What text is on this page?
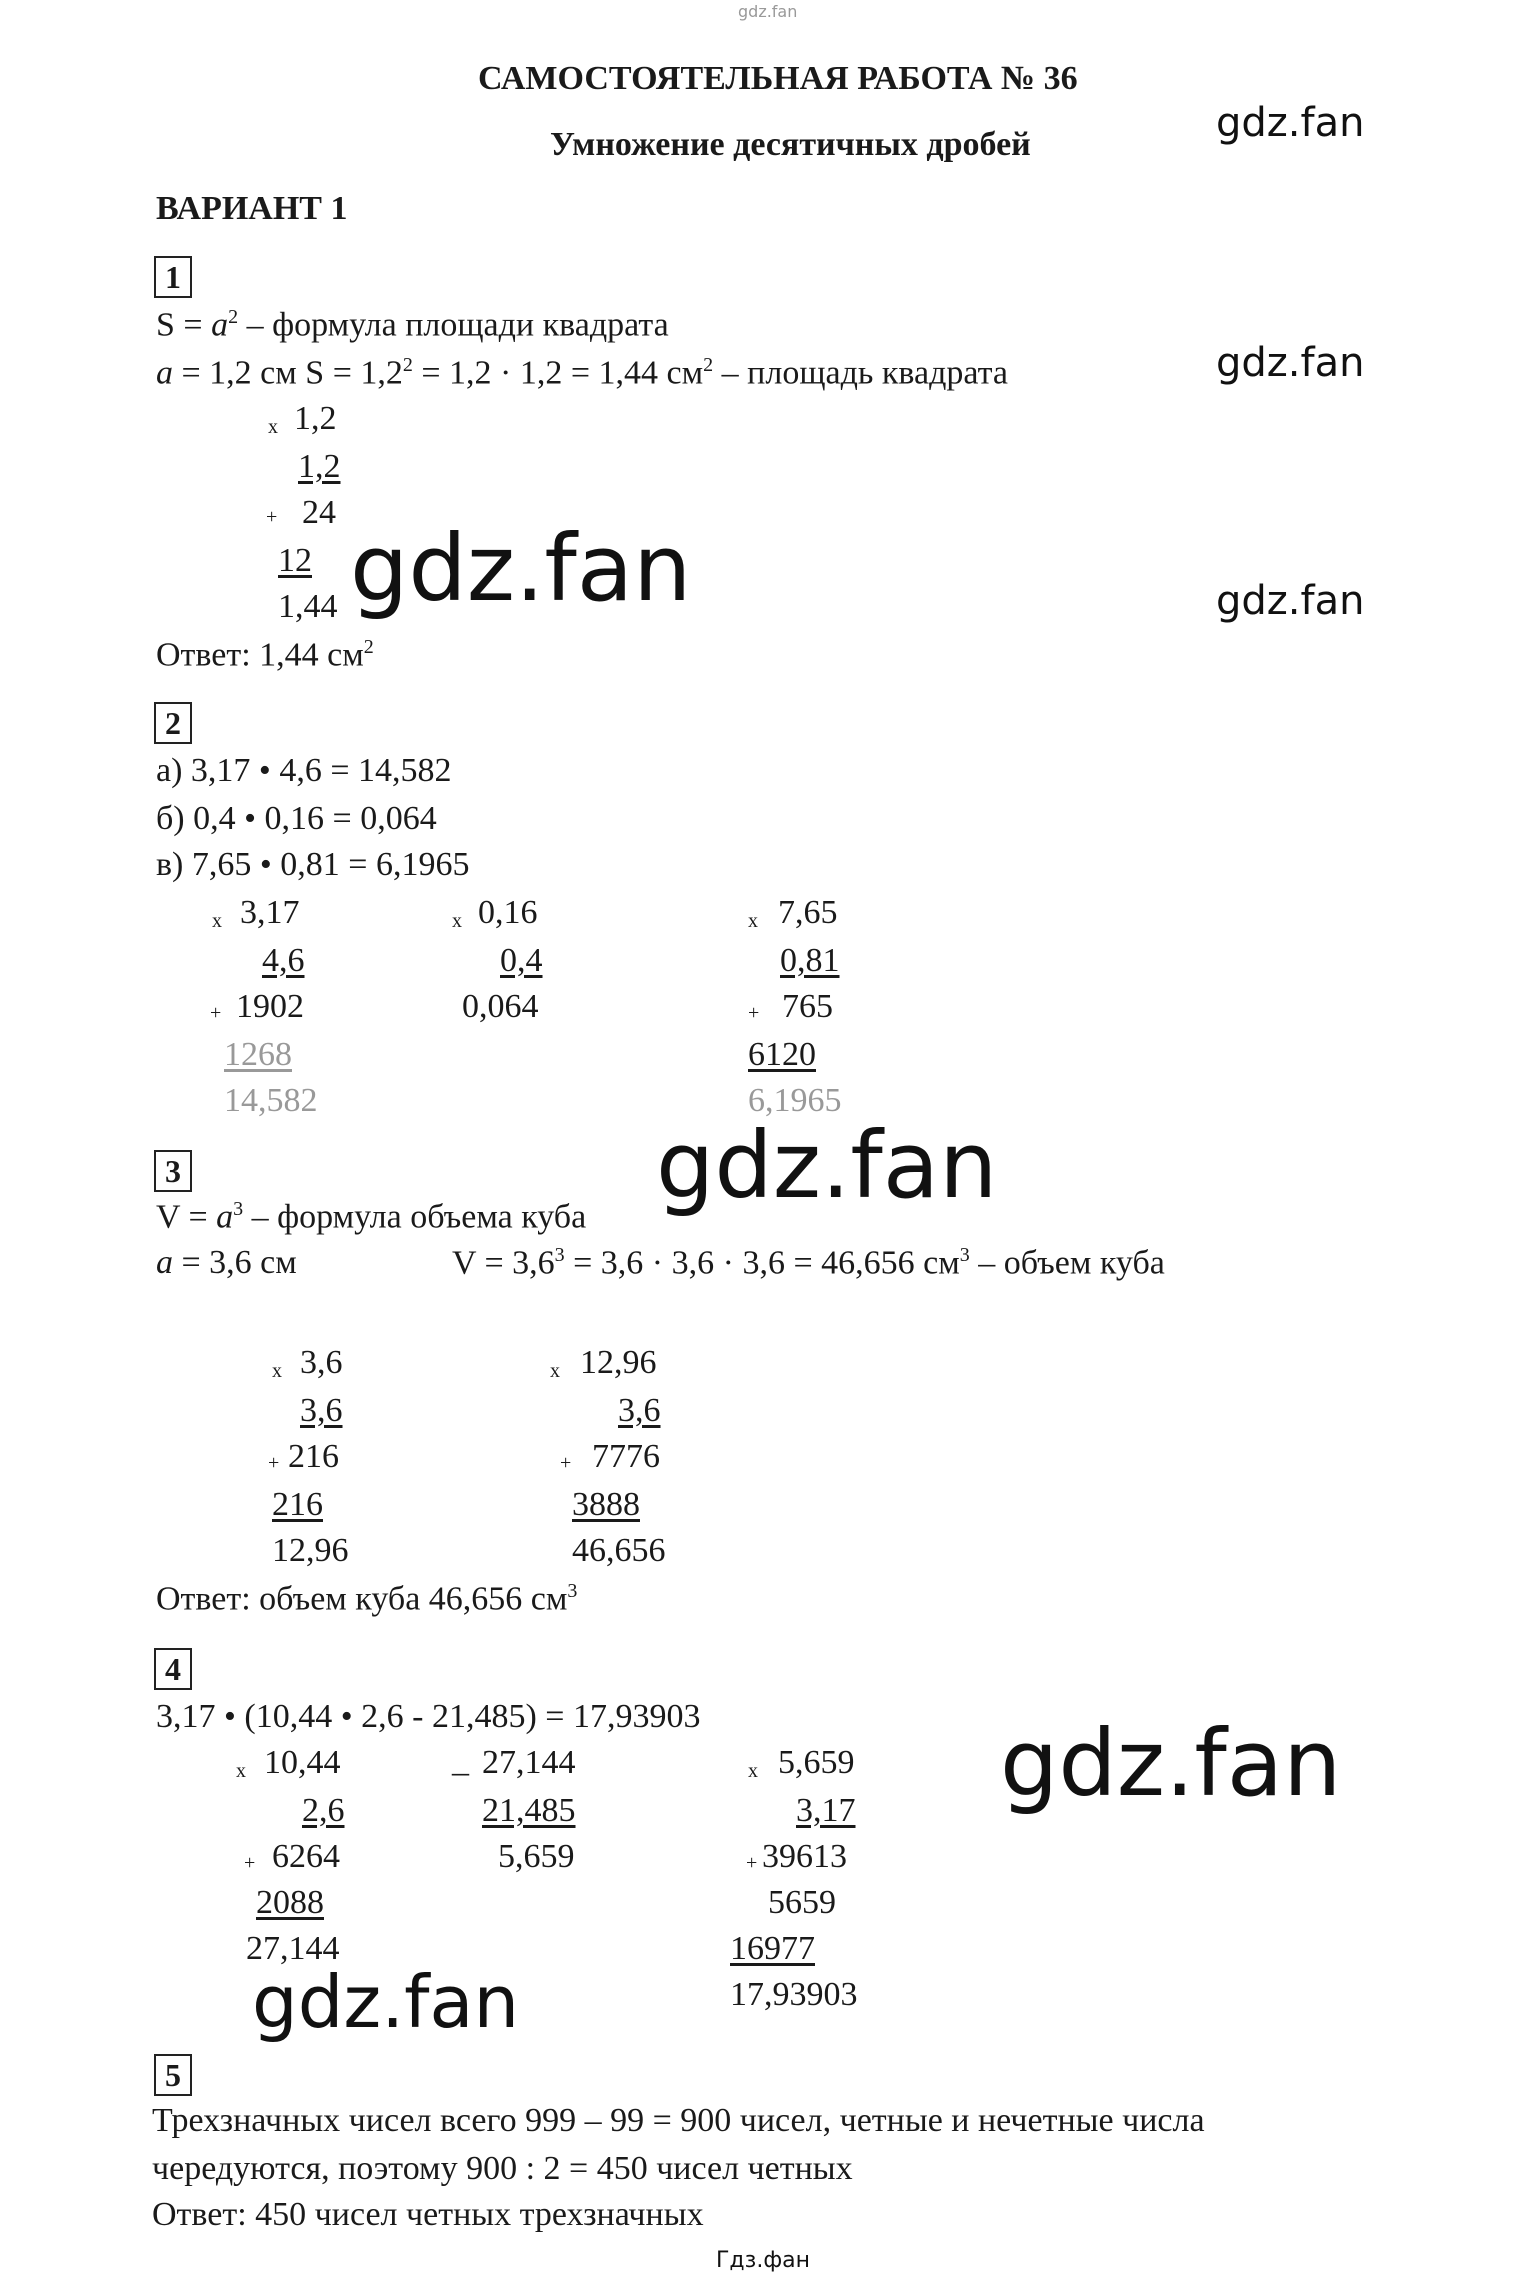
gdz.fan
САМОСТОЯТЕЛЬНАЯ РАБОТА № 36
Умножение десятичных дробей
ВАРИАНТ 1
gdz.fan
gdz.fan
gdz.fan	gdz.fan
gdz.fan
gdz.fan
gdz.fan
1
$S = a^2$ – формула площади квадрата
a = 1,2 см $S = 1,2^2 = 1,2 \cdot 1,2 = 1,44$ $см^2$ – площадь квадрата
x 1,2
1,2
+ 24
12
1,44
Ответ: 1,44 $см^2$
2
а) 3,17 • 4,6 = 14,582
б) 0,4 • 0,16 = 0,064
в) 7,65 • 0,81 = 6,1965
x 3,17
4,6
+ 1902
1268
14,582
x 0,16
0,4
0,064
x 7,65
0,81
+ 765
6120
6,1965
3
$V = a^3$ – формула объема куба
a = 3,6 см	$V = 3,6^3 = 3,6 \cdot 3,6 \cdot 3,6 = 46,656$ $см^3$ – объем куба
x 3,6
3,6
+ 216
216
12,96
x 12,96
3,6
+ 7776
3888
46,656
Ответ: объем куба 46,656 $см^3$
4
3,17 • (10,44 • 2,6 - 21,485) = 17,93903
x 10,44
2,6
+ 6264
2088
27,144
_ 27,144
21,485
5,659
x 5,659
3,17
+ 39613
5659
16977
17,93903
5
Трехзначных чисел всего 999 – 99 = 900 чисел, четные и нечетные числа
чередуются, поэтому 900 : 2 = 450 чисел четных
Ответ: 450 чисел четных трехзначных
Гдз.фан
